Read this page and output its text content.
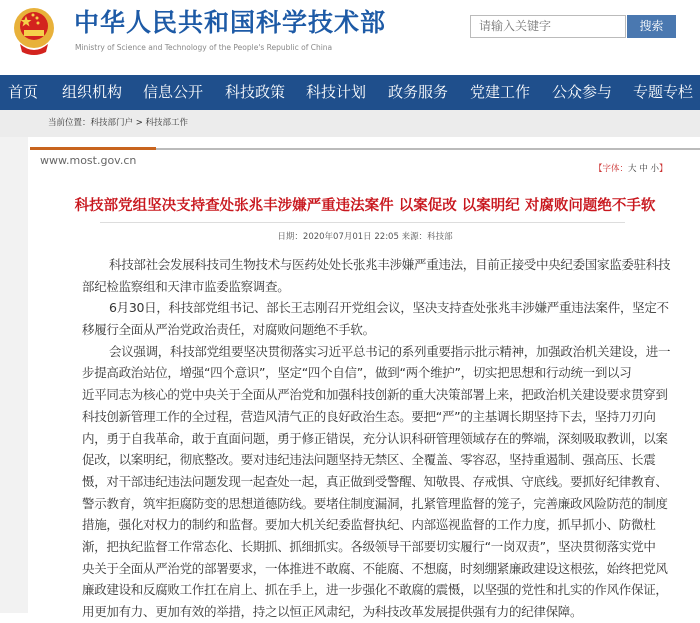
中华人民共和国科学技术部
Ministry of Science and Technology of the People's Republic of China
请输入关键字	搜索
首页 组织机构 信息公开 科技政策 科技计划 政务服务 党建工作 公众参与 专题专栏
当前位置：科技部门户 > 科技部工作
www.most.gov.cn
【字体：大 中 小】
科技部党组坚决支持查处张兆丰涉嫌严重违法案件 以案促改 以案明纪 对腐败问题绝不手软
日期：2020年07月01日 22:05 来源：科技部
科技部社会发展科技司生物技术与医药处处长张兆丰涉嫌严重违法，目前正接受中央纪委国家监委驻科技
部纪检监察组和天津市监委监察调查。
6月30日，科技部党组书记、部长王志刚召开党组会议，坚决支持查处张兆丰涉嫌严重违法案件，坚定不
移履行全面从严治党政治责任，对腐败问题绝不手软。
会议强调，科技部党组要坚决贯彻落实习近平总书记的系列重要指示批示精神，加强政治机关建设，进一
步提高政治站位，增强“四个意识”，坚定“四个自信”，做到“两个维护”，切实把思想和行动统一到以习
近平同志为核心的党中央关于全面从严治党和加强科技创新的重大决策部署上来，把政治机关建设要求贯穿到
科技创新管理工作的全过程，营造风清气正的良好政治生态。要把“严”的主基调长期坚持下去，坚持刀刃向
内，勇于自我革命，敢于直面问题，勇于修正错误，充分认识科研管理领域存在的弊端，深刻吸取教训，以案
促改，以案明纪，彻底整改。要对违纪违法问题坚持无禁区、全覆盖、零容忍，坚持重遏制、强高压、长震
慑，对干部违纪违法问题发现一起查处一起，真正做到受警醒、知敬畏、存戒惧、守底线。要抓好纪律教育、
警示教育，筑牢拒腐防变的思想道德防线。要堵住制度漏洞，扎紧管理监督的笼子，完善廉政风险防范的制度
措施，强化对权力的制约和监督。要加大机关纪委监督执纪、内部巡视监督的工作力度，抓早抓小、防微杜
渐，把执纪监督工作常态化、长期抓、抓细抓实。各级领导干部要切实履行“一岗双责”，坚决贯彻落实党中
央关于全面从严治党的部署要求，一体推进不敢腐、不能腐、不想腐，时刻绷紧廉政建设这根弦，始终把党风
廉政建设和反腐败工作扛在肩上、抓在手上，进一步强化不敢腐的震慑，以坚强的党性和扎实的作风作保证，
用更加有力、更加有效的举措，持之以恒正风肃纪，为科技改革发展提供强有力的纪律保障。
